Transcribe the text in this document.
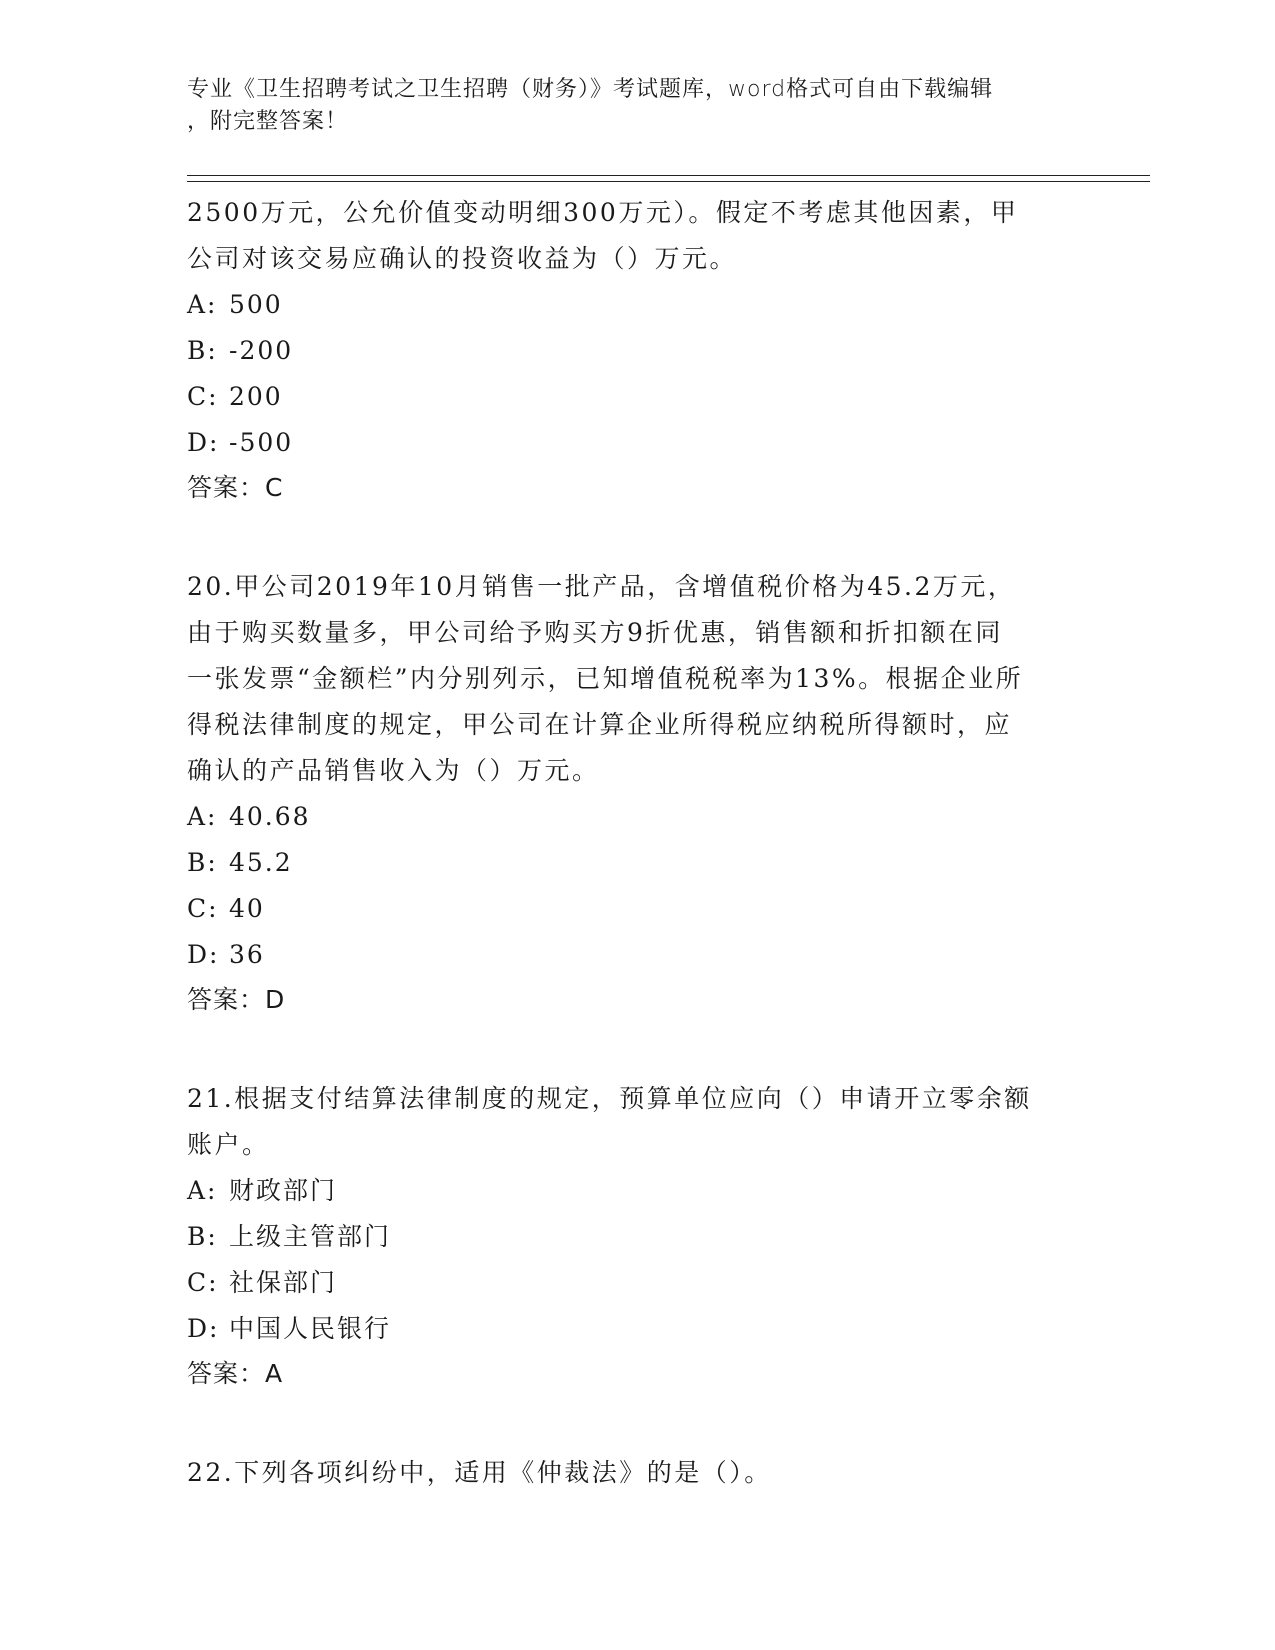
专业《卫生招聘考试之卫生招聘（财务）》考试题库，word格式可自由下载编辑
，附完整答案！

2500万元，公允价值变动明细300万元）。假定不考虑其他因素，甲

公司对该交易应确认的投资收益为（）万元。

A: 500

B: -200

C: 200

D: -500

答案：C

20.甲公司2019年10月销售一批产品，含增值税价格为45.2万元，

由于购买数量多，甲公司给予购买方9折优惠，销售额和折扣额在同

一张发票“金额栏”内分别列示，已知增值税税率为13%。根据企业所

得税法律制度的规定，甲公司在计算企业所得税应纳税所得额时，应

确认的产品销售收入为（）万元。

A: 40.68

B: 45.2

C: 40

D: 36

答案：D

21.根据支付结算法律制度的规定，预算单位应向（）申请开立零余额

账户。

A: 财政部门

B: 上级主管部门

C: 社保部门

D: 中国人民银行

答案：A

22.下列各项纠纷中，适用《仲裁法》的是（）。
